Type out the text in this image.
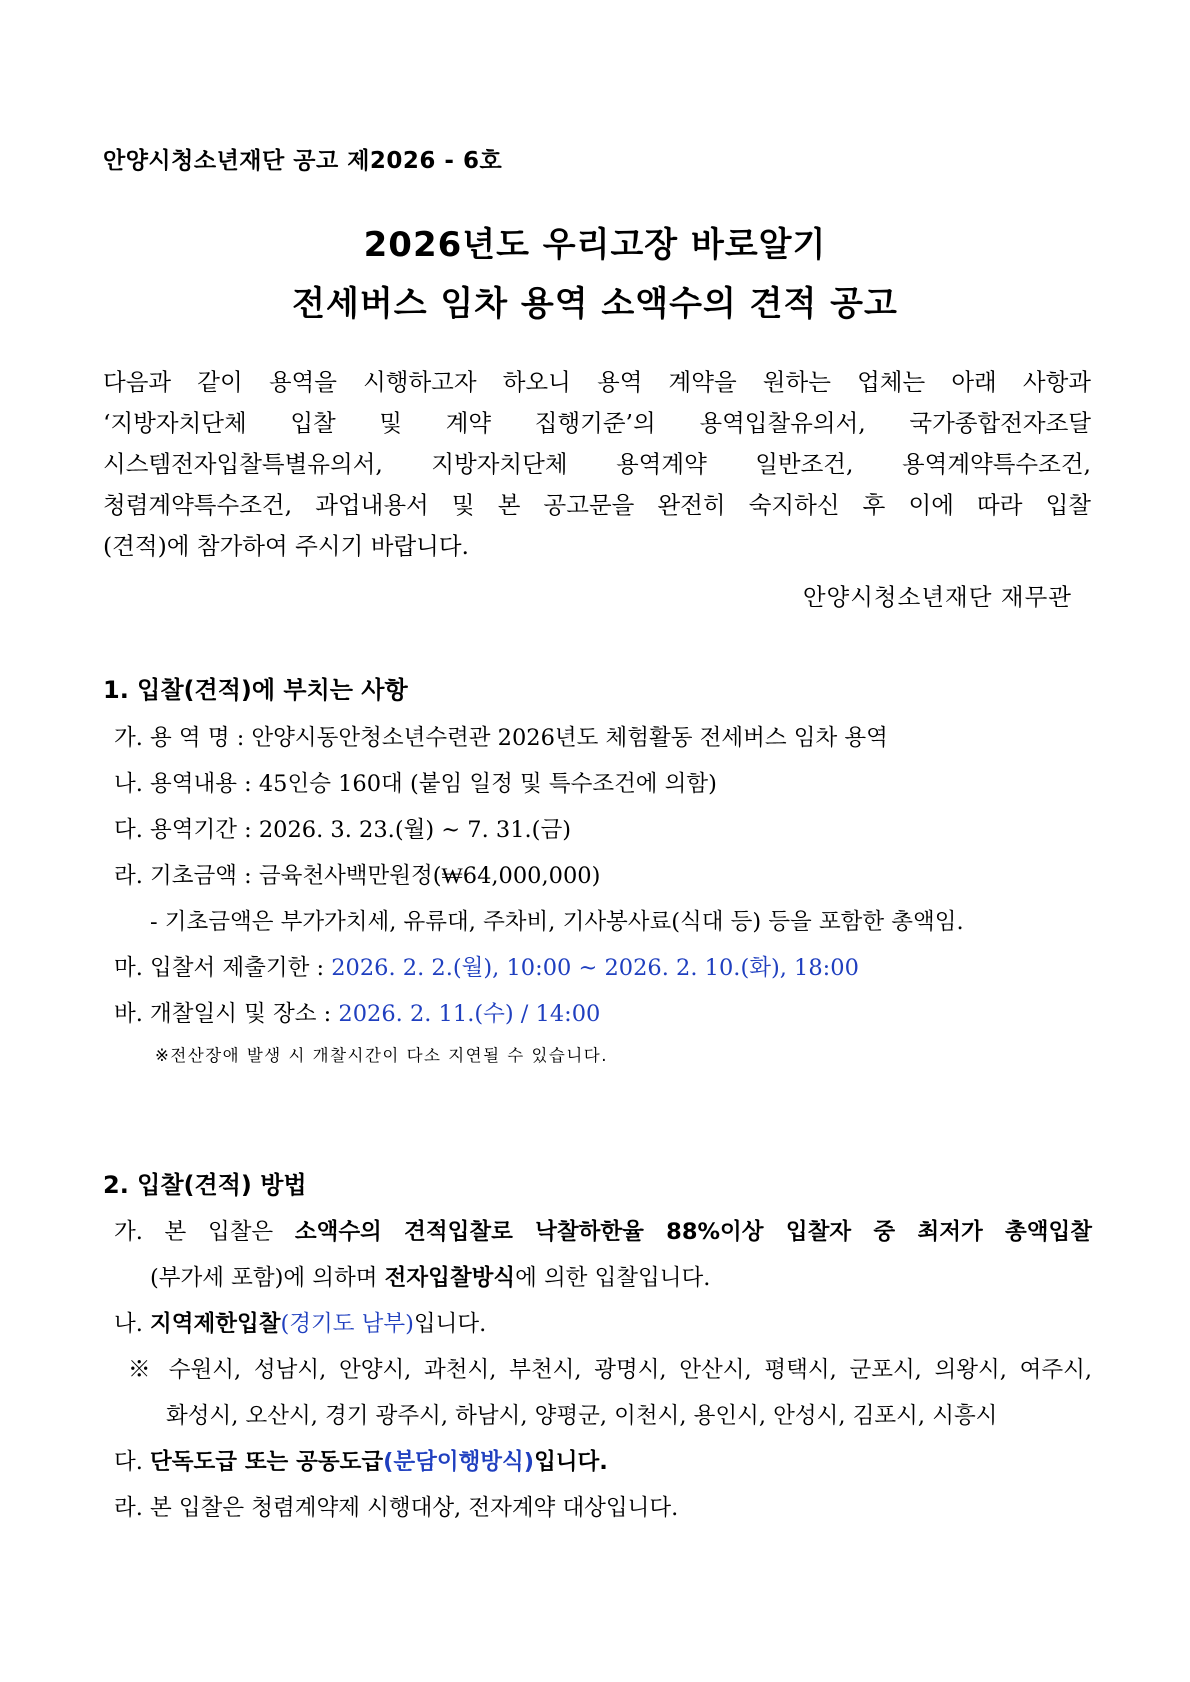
안양시청소년재단 공고 제2026 - 6호
2026년도 우리고장 바로알기
전세버스 임차 용역 소액수의 견적 공고
다음과 같이 용역을 시행하고자 하오니 용역 계약을 원하는 업체는 아래 사항과
‘지방자치단체 입찰 및 계약 집행기준’의 용역입찰유의서, 국가종합전자조달
시스템전자입찰특별유의서, 지방자치단체 용역계약 일반조건, 용역계약특수조건,
청렴계약특수조건, 과업내용서 및 본 공고문을 완전히 숙지하신 후 이에 따라 입찰
(견적)에 참가하여 주시기 바랍니다.
안양시청소년재단 재무관
1. 입찰(견적)에 부치는 사항
가. 용 역 명 : 안양시동안청소년수련관 2026년도 체험활동 전세버스 임차 용역
나. 용역내용 : 45인승 160대 (붙임 일정 및 특수조건에 의함)
다. 용역기간 : 2026. 3. 23.(월) ~ 7. 31.(금)
라. 기초금액 : 금육천사백만원정(₩64,000,000)
- 기초금액은 부가가치세, 유류대, 주차비, 기사봉사료(식대 등) 등을 포함한 총액임.
마. 입찰서 제출기한 : 2026. 2. 2.(월), 10:00 ~ 2026. 2. 10.(화), 18:00
바. 개찰일시 및 장소 : 2026. 2. 11.(수) / 14:00
※전산장애 발생 시 개찰시간이 다소 지연될 수 있습니다.
2. 입찰(견적) 방법
가. 본 입찰은 소액수의 견적입찰로 낙찰하한율 88%이상 입찰자 중 최저가 총액입찰
(부가세 포함)에 의하며 전자입찰방식에 의한 입찰입니다.
나. 지역제한입찰(경기도 남부)입니다.
※ 수원시, 성남시, 안양시, 과천시, 부천시, 광명시, 안산시, 평택시, 군포시, 의왕시, 여주시,
화성시, 오산시, 경기 광주시, 하남시, 양평군, 이천시, 용인시, 안성시, 김포시, 시흥시
다. 단독도급 또는 공동도급(분담이행방식)입니다.
라. 본 입찰은 청렴계약제 시행대상, 전자계약 대상입니다.
